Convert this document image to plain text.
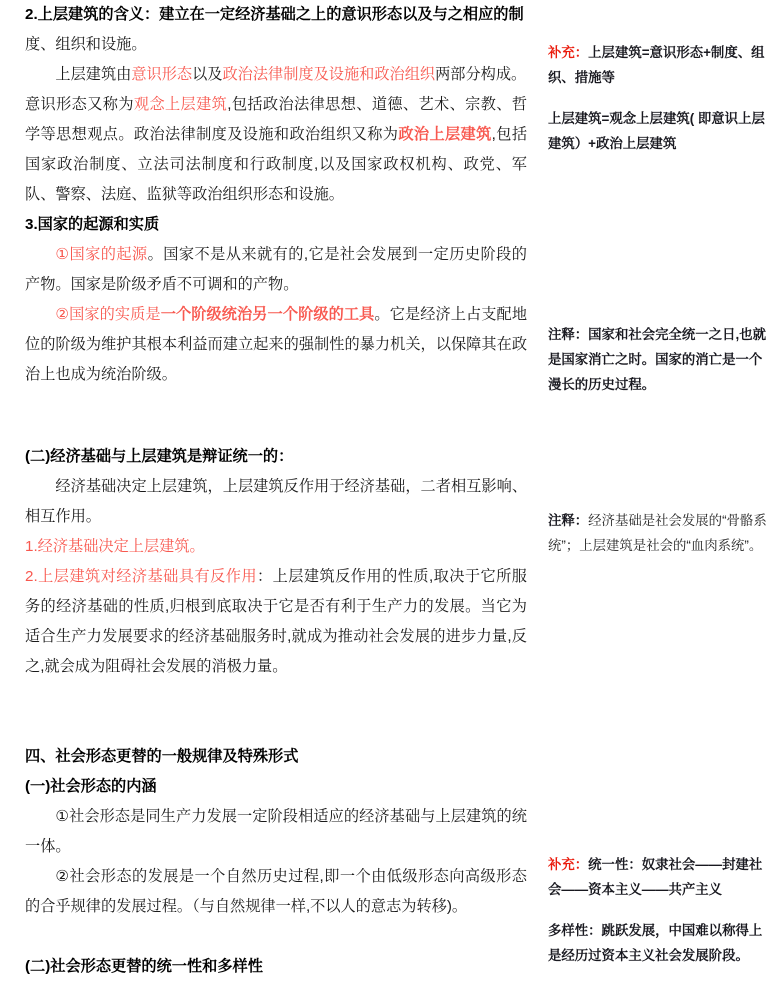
2.上层建筑的含义：建立在一定经济基础之上的意识形态以及与之相应的制
度、组织和设施。
上层建筑由意识形态以及政治法律制度及设施和政治组织两部分构成。
意识形态又称为观念上层建筑,包括政治法律思想、道德、艺术、宗教、哲学等思想观点。政治法律制度及设施和政治组织又称为政治上层建筑,包括国家政治制度、立法司法制度和行政制度,以及国家政权机构、政党、军队、警察、法庭、监狱等政治组织形态和设施。
3.国家的起源和实质
①国家的起源。国家不是从来就有的,它是社会发展到一定历史阶段的产物。国家是阶级矛盾不可调和的产物。
②国家的实质是一个阶级统治另一个阶级的工具。它是经济上占支配地位的阶级为维护其根本利益而建立起来的强制性的暴力机关，以保障其在政治上也成为统治阶级。
(二)经济基础与上层建筑是辩证统一的：
经济基础决定上层建筑，上层建筑反作用于经济基础，二者相互影响、相互作用。
1.经济基础决定上层建筑。
2.上层建筑对经济基础具有反作用：上层建筑反作用的性质,取决于它所服务的经济基础的性质,归根到底取决于它是否有利于生产力的发展。当它为适合生产力发展要求的经济基础服务时,就成为推动社会发展的进步力量,反之,就会成为阻碍社会发展的消极力量。
四、社会形态更替的一般规律及特殊形式
(一)社会形态的内涵
①社会形态是同生产力发展一定阶段相适应的经济基础与上层建筑的统一体。
②社会形态的发展是一个自然历史过程,即一个由低级形态向高级形态的合乎规律的发展过程。（与自然规律一样,不以人的意志为转移)。
(二)社会形态更替的统一性和多样性

补充：上层建筑=意识形态+制度、组织、措施等

上层建筑=观念上层建筑( 即意识上层建筑）+政治上层建筑

注释：国家和社会完全统一之日,也就是国家消亡之时。国家的消亡是一个漫长的历史过程。

注释：经济基础是社会发展的“骨骼系统”；上层建筑是社会的“血肉系统”。

补充：统一性：奴隶社会——封建社会——资本主义——共产主义

多样性：跳跃发展，中国难以称得上是经历过资本主义社会发展阶段。
